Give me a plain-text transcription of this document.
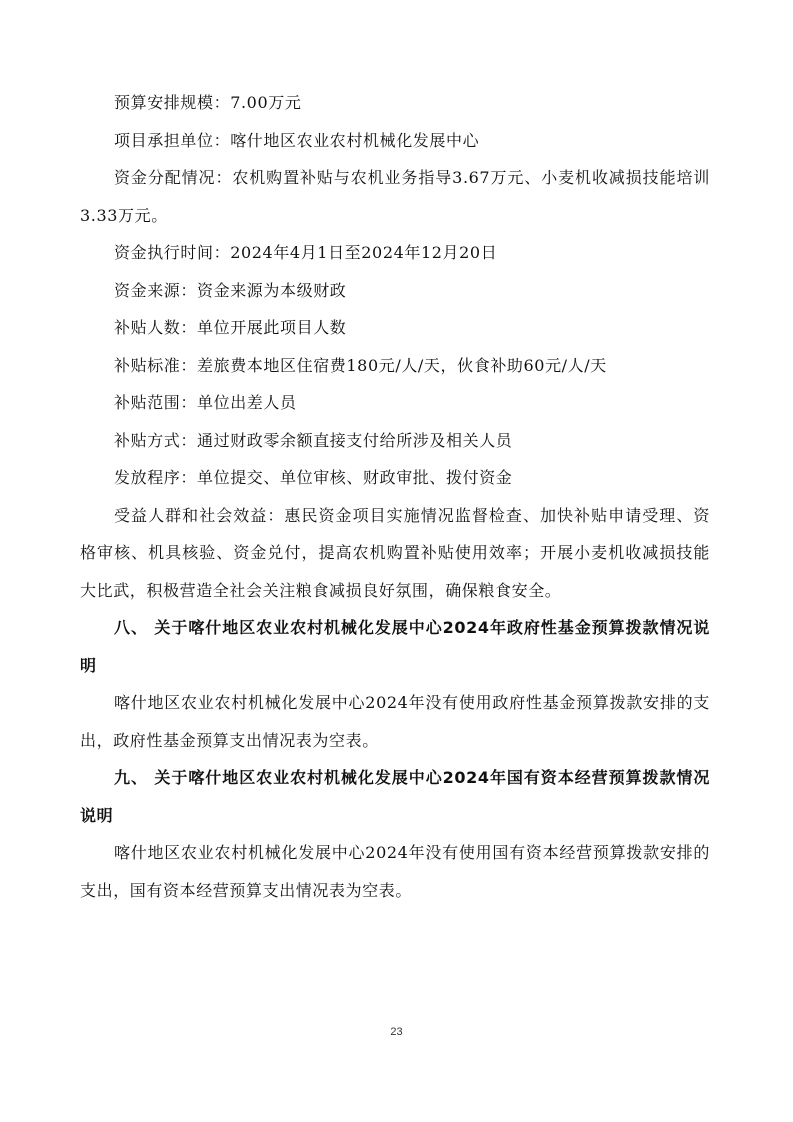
预算安排规模：7.00万元

项目承担单位：喀什地区农业农村机械化发展中心

资金分配情况：农机购置补贴与农机业务指导3.67万元、小麦机收减损技能培训3.33万元。

资金执行时间：2024年4月1日至2024年12月20日

资金来源：资金来源为本级财政

补贴人数：单位开展此项目人数

补贴标准：差旅费本地区住宿费180元/人/天，伙食补助60元/人/天

补贴范围：单位出差人员

补贴方式：通过财政零余额直接支付给所涉及相关人员

发放程序：单位提交、单位审核、财政审批、拨付资金

受益人群和社会效益：惠民资金项目实施情况监督检查、加快补贴申请受理、资格审核、机具核验、资金兑付，提高农机购置补贴使用效率；开展小麦机收减损技能大比武，积极营造全社会关注粮食减损良好氛围，确保粮食安全。

八、 关于喀什地区农业农村机械化发展中心2024年政府性基金预算拨款情况说明

喀什地区农业农村机械化发展中心2024年没有使用政府性基金预算拨款安排的支出，政府性基金预算支出情况表为空表。

九、 关于喀什地区农业农村机械化发展中心2024年国有资本经营预算拨款情况说明

喀什地区农业农村机械化发展中心2024年没有使用国有资本经营预算拨款安排的支出，国有资本经营预算支出情况表为空表。

23
